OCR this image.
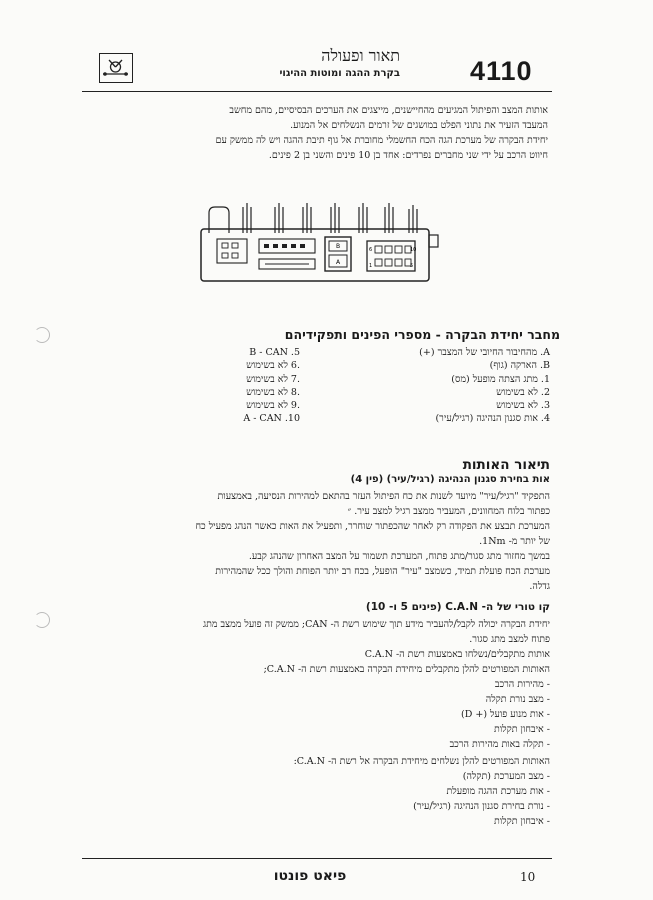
תאור ופעולה
בקרת ההגה ומוטות ההיגוי	4110
אותות המצב והפיתול המגיעים מהחיישנים, מייצגים את הערכים הבסיסיים, מהם מחשב
המעבד הזעיר את נתוני הפלט במושגים של זרמים הנשלחים אל המנוע.
יחידת הבקרה של מערכת הגה הכח החשמלי מחוברת אל גוף תיבת ההגה ויש לה ממשק עם
חיווט הרכב על ידי שני מחברים נפרדים: אחד בן 10 פינים והשני בן 2 פינים.
B
A
6	10
1	5
מחבר יחידת הבקרה - מספרי הפינים ותפקידיהם
A. מהחיבור החיובי של המצבר (+)
B. הארקה (גוף)
1. מתג הצתה מופעל (מס)
2. לא בשימוש
3. לא בשימוש
4. אות סגנון הנהיגה (רגיל/עיר)
B - CAN .5
.6 לא בשימוש
.7 לא בשימוש
.8 לא בשימוש
.9 לא בשימוש
A - CAN .10
תיאור האותות
אות בחירת סגנון הנהיגה (רגיל/עיר) (פין 4)
התפקיד "רגיל/עיר" מיועד לשנות את כח הפיתול העזר בהתאם למהירות הנסיעה, באמצעות
כפתור בלוח המחוונים, המעביר ממצב רגיל למצב עיר. ״
המערכת תבצע את הפקודה רק לאחר שהכפתור שוחרר, ותפעיל את האות כאשר הנהג מפעיל כח
של יותר מ- 1Nm.
במשך מחזור מתג סגור/מתג פתוח, המערכת תשמור על המצב האחרון שהנהג קבע.
מערכת הכח פועלת תמיד, כשמצב "עיר" הופעל, בכח רב יותר הפוחת והולך ככל שהמהירות
גדלה.
קו טורי של ה- C.A.N (פינים 5 ו- 10)
יחידת הבקרה יכולה לקבל/להעביר מידע תוך שימוש רשת ה- CAN; ממשק זה פועל ממצב מתג
פתוח למצב מתג סגור.
אותות מתקבלים/נשלחו באמצעות רשת ה- C.A.N
האותות המפורטים להלן מתקבלים מיחידת הבקרה באמצעות רשת ה- C.A.N;
- מהירות הרכב
- מצב נורת תקלה
- אות מנוע פועל (+ D)
- איבחון תקלות
- תקלה באות מהירות הרכב
האותות המפורטים להלן נשלחים מיחידת הבקרה אל רשת ה- C.A.N:
- מצב המערכת (תקלה)
- אות מערכת ההגה מופעלת
- נורת בחירת סגנון הנהיגה (רגיל/עיר)
- איבחון תקלות
פיאט פונטו	10
